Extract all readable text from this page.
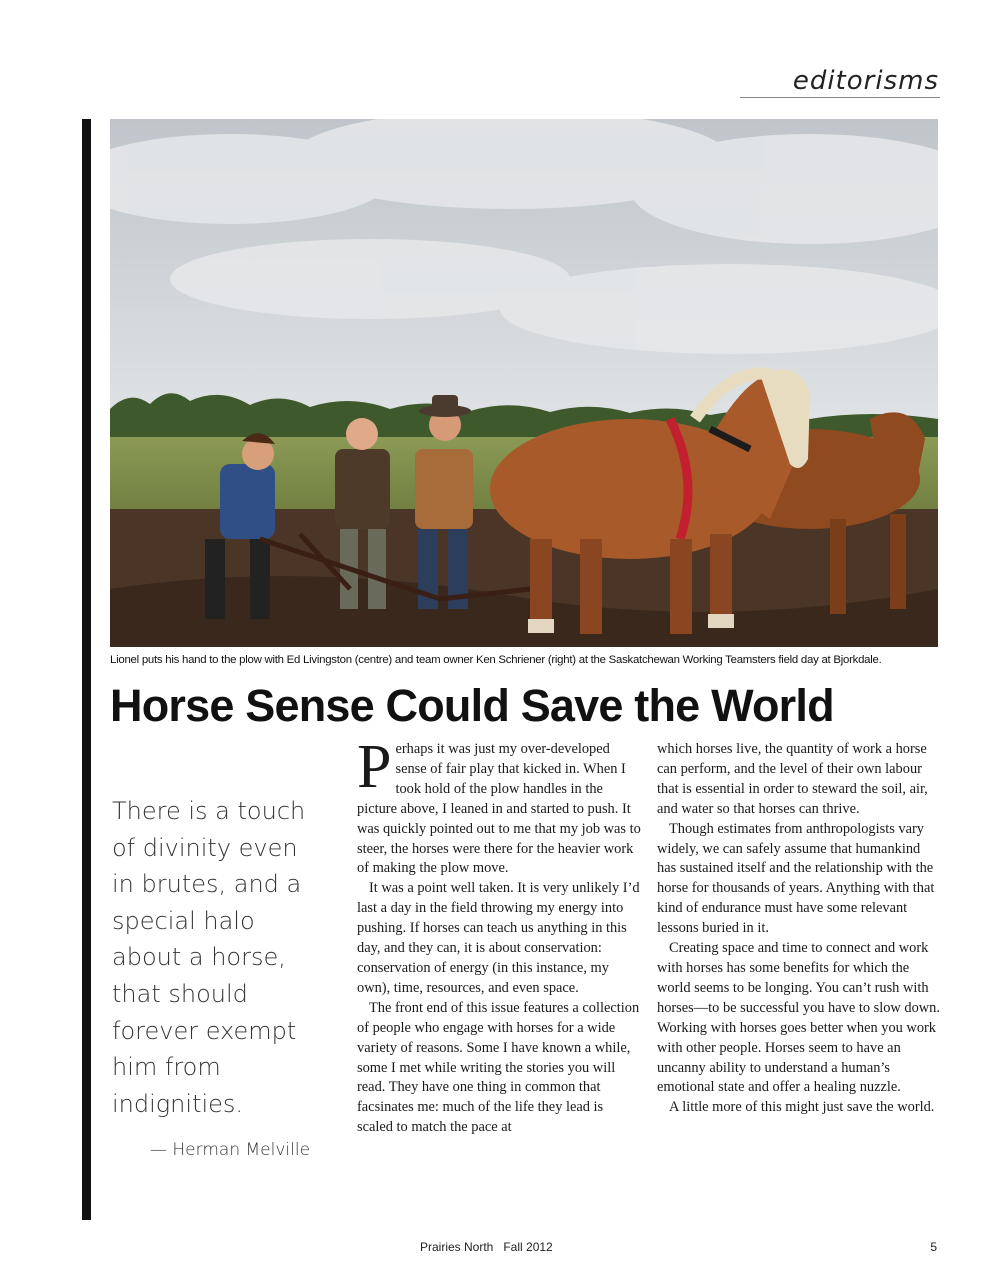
editorisms
Lionel puts his hand to the plow with Ed Livingston (centre) and team owner Ken Schriener (right) at the Saskatchewan Working Teamsters field day at Bjorkdale.
Horse Sense Could Save the World
There is a touch of divinity even in brutes, and a special halo about a horse, that should forever exempt him from indignities.
— Herman Melville

P erhaps it was just my over-developed sense of fair play that kicked in. When I took hold of the plow handles in the picture above, I leaned in and started to push. It was quickly pointed out to me that my job was to steer, the horses were there for the heavier work of making the plow move.

It was a point well taken. It is very unlikely I’d last a day in the field throwing my energy into pushing. If horses can teach us anything in this day, and they can, it is about conservation: conservation of energy (in this instance, my own), time, resources, and even space.

The front end of this issue features a collection of people who engage with horses for a wide variety of reasons. Some I have known a while, some I met while writing the stories you will read. They have one thing in common that facsinates me: much of the life they lead is scaled to match the pace at

which horses live, the quantity of work a horse can perform, and the level of their own labour that is essential in order to steward the soil, air, and water so that horses can thrive.

Though estimates from anthropologists vary widely, we can safely assume that humankind has sustained itself and the relationship with the horse for thousands of years. Anything with that kind of endurance must have some relevant lessons buried in it.

Creating space and time to connect and work with horses has some benefits for which the world seems to be longing. You can’t rush with horses—to be successful you have to slow down. Working with horses goes better when you work with other people. Horses seem to have an uncanny ability to understand a human’s emotional state and offer a healing nuzzle.

A little more of this might just save the world.

Prairies North   Fall 2012	5
